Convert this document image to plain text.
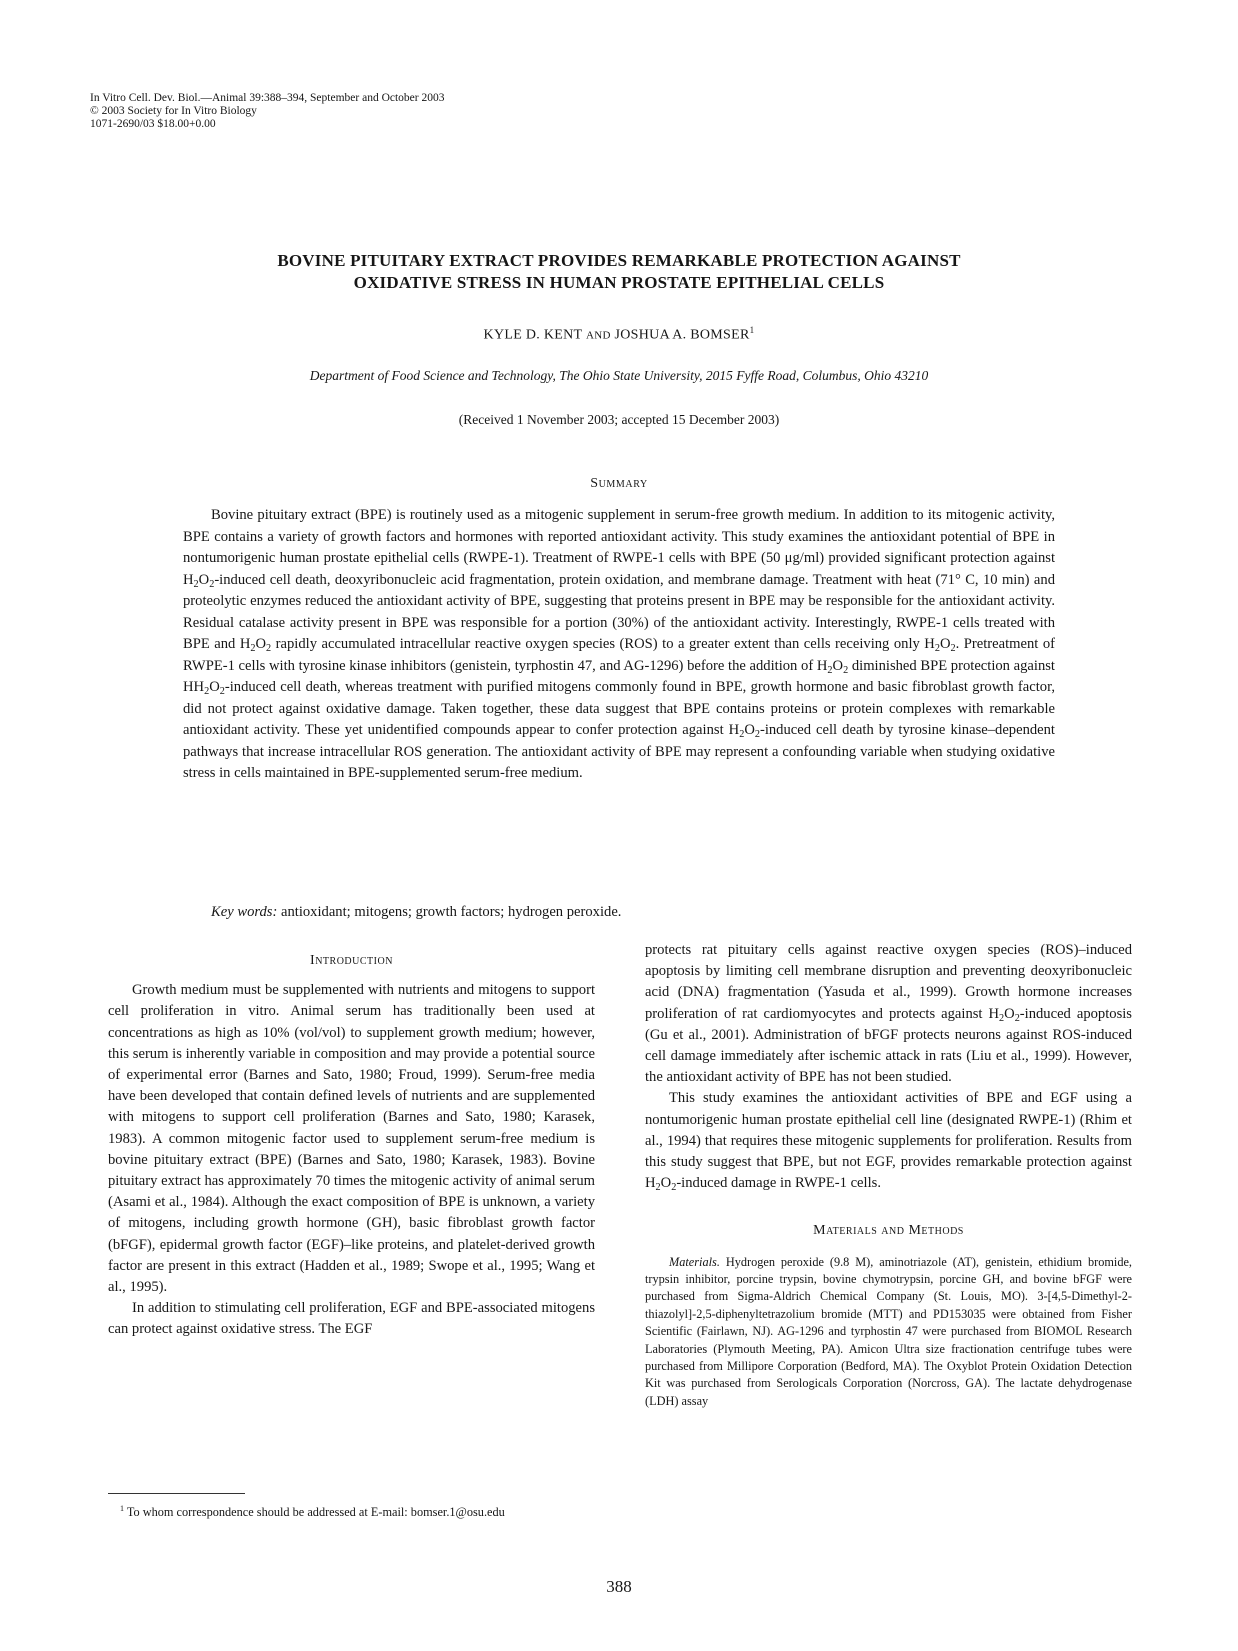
In Vitro Cell. Dev. Biol.—Animal 39:388–394, September and October 2003
© 2003 Society for In Vitro Biology
1071-2690/03 $18.00+0.00
BOVINE PITUITARY EXTRACT PROVIDES REMARKABLE PROTECTION AGAINST
OXIDATIVE STRESS IN HUMAN PROSTATE EPITHELIAL CELLS
KYLE D. KENT AND JOSHUA A. BOMSER$^1$
Department of Food Science and Technology, The Ohio State University, 2015 Fyffe Road, Columbus, Ohio 43210
(Received 1 November 2003; accepted 15 December 2003)
Summary

Bovine pituitary extract (BPE) is routinely used as a mitogenic supplement in serum-free growth medium. In addition to its mitogenic activity, BPE contains a variety of growth factors and hormones with reported antioxidant activity. This study examines the antioxidant potential of BPE in nontumorigenic human prostate epithelial cells (RWPE-1). Treatment of RWPE-1 cells with BPE (50 μg/ml) provided significant protection against $H_2O_2$-induced cell death, deoxyribonucleic acid fragmentation, protein oxidation, and membrane damage. Treatment with heat (71° C, 10 min) and proteolytic enzymes reduced the antioxidant activity of BPE, suggesting that proteins present in BPE may be responsible for the antioxidant activity. Residual catalase activity present in BPE was responsible for a portion (30%) of the antioxidant activity. Interestingly, RWPE-1 cells treated with BPE and $H_2O_2$ rapidly accumulated intracellular reactive oxygen species (ROS) to a greater extent than cells receiving only $H_2O_2$. Pretreatment of RWPE-1 cells with tyrosine kinase inhibitors (genistein, tyrphostin 47, and AG-1296) before the addition of $H_2O_2$ diminished BPE protection against $HH_2O_2$-induced cell death, whereas treatment with purified mitogens commonly found in BPE, growth hormone and basic fibroblast growth factor, did not protect against oxidative damage. Taken together, these data suggest that BPE contains proteins or protein complexes with remarkable antioxidant activity. These yet unidentified compounds appear to confer protection against $H_2O_2$-induced cell death by tyrosine kinase–dependent pathways that increase intracellular ROS generation. The antioxidant activity of BPE may represent a confounding variable when studying oxidative stress in cells maintained in BPE-supplemented serum-free medium.

Key words: antioxidant; mitogens; growth factors; hydrogen peroxide.
Introduction

Growth medium must be supplemented with nutrients and mitogens to support cell proliferation in vitro. Animal serum has traditionally been used at concentrations as high as 10% (vol/vol) to supplement growth medium; however, this serum is inherently variable in composition and may provide a potential source of experimental error (Barnes and Sato, 1980; Froud, 1999). Serum-free media have been developed that contain defined levels of nutrients and are supplemented with mitogens to support cell proliferation (Barnes and Sato, 1980; Karasek, 1983). A common mitogenic factor used to supplement serum-free medium is bovine pituitary extract (BPE) (Barnes and Sato, 1980; Karasek, 1983). Bovine pituitary extract has approximately 70 times the mitogenic activity of animal serum (Asami et al., 1984). Although the exact composition of BPE is unknown, a variety of mitogens, including growth hormone (GH), basic fibroblast growth factor (bFGF), epidermal growth factor (EGF)–like proteins, and platelet-derived growth factor are present in this extract (Hadden et al., 1989; Swope et al., 1995; Wang et al., 1995).

In addition to stimulating cell proliferation, EGF and BPE-associated mitogens can protect against oxidative stress. The EGF

protects rat pituitary cells against reactive oxygen species (ROS)–induced apoptosis by limiting cell membrane disruption and preventing deoxyribonucleic acid (DNA) fragmentation (Yasuda et al., 1999). Growth hormone increases proliferation of rat cardiomyocytes and protects against $H_2O_2$-induced apoptosis (Gu et al., 2001). Administration of bFGF protects neurons against ROS-induced cell damage immediately after ischemic attack in rats (Liu et al., 1999). However, the antioxidant activity of BPE has not been studied.

This study examines the antioxidant activities of BPE and EGF using a nontumorigenic human prostate epithelial cell line (designated RWPE-1) (Rhim et al., 1994) that requires these mitogenic supplements for proliferation. Results from this study suggest that BPE, but not EGF, provides remarkable protection against $H_2O_2$-induced damage in RWPE-1 cells.

Materials and Methods

Materials. Hydrogen peroxide (9.8 M), aminotriazole (AT), genistein, ethidium bromide, trypsin inhibitor, porcine trypsin, bovine chymotrypsin, porcine GH, and bovine bFGF were purchased from Sigma-Aldrich Chemical Company (St. Louis, MO). 3-[4,5-Dimethyl-2-thiazolyl]-2,5-diphenyltetrazolium bromide (MTT) and PD153035 were obtained from Fisher Scientific (Fairlawn, NJ). AG-1296 and tyrphostin 47 were purchased from BIOMOL Research Laboratories (Plymouth Meeting, PA). Amicon Ultra size fractionation centrifuge tubes were purchased from Millipore Corporation (Bedford, MA). The Oxyblot Protein Oxidation Detection Kit was purchased from Serologicals Corporation (Norcross, GA). The lactate dehydrogenase (LDH) assay

$^1$ To whom correspondence should be addressed at E-mail: bomser.1@osu.edu
388
